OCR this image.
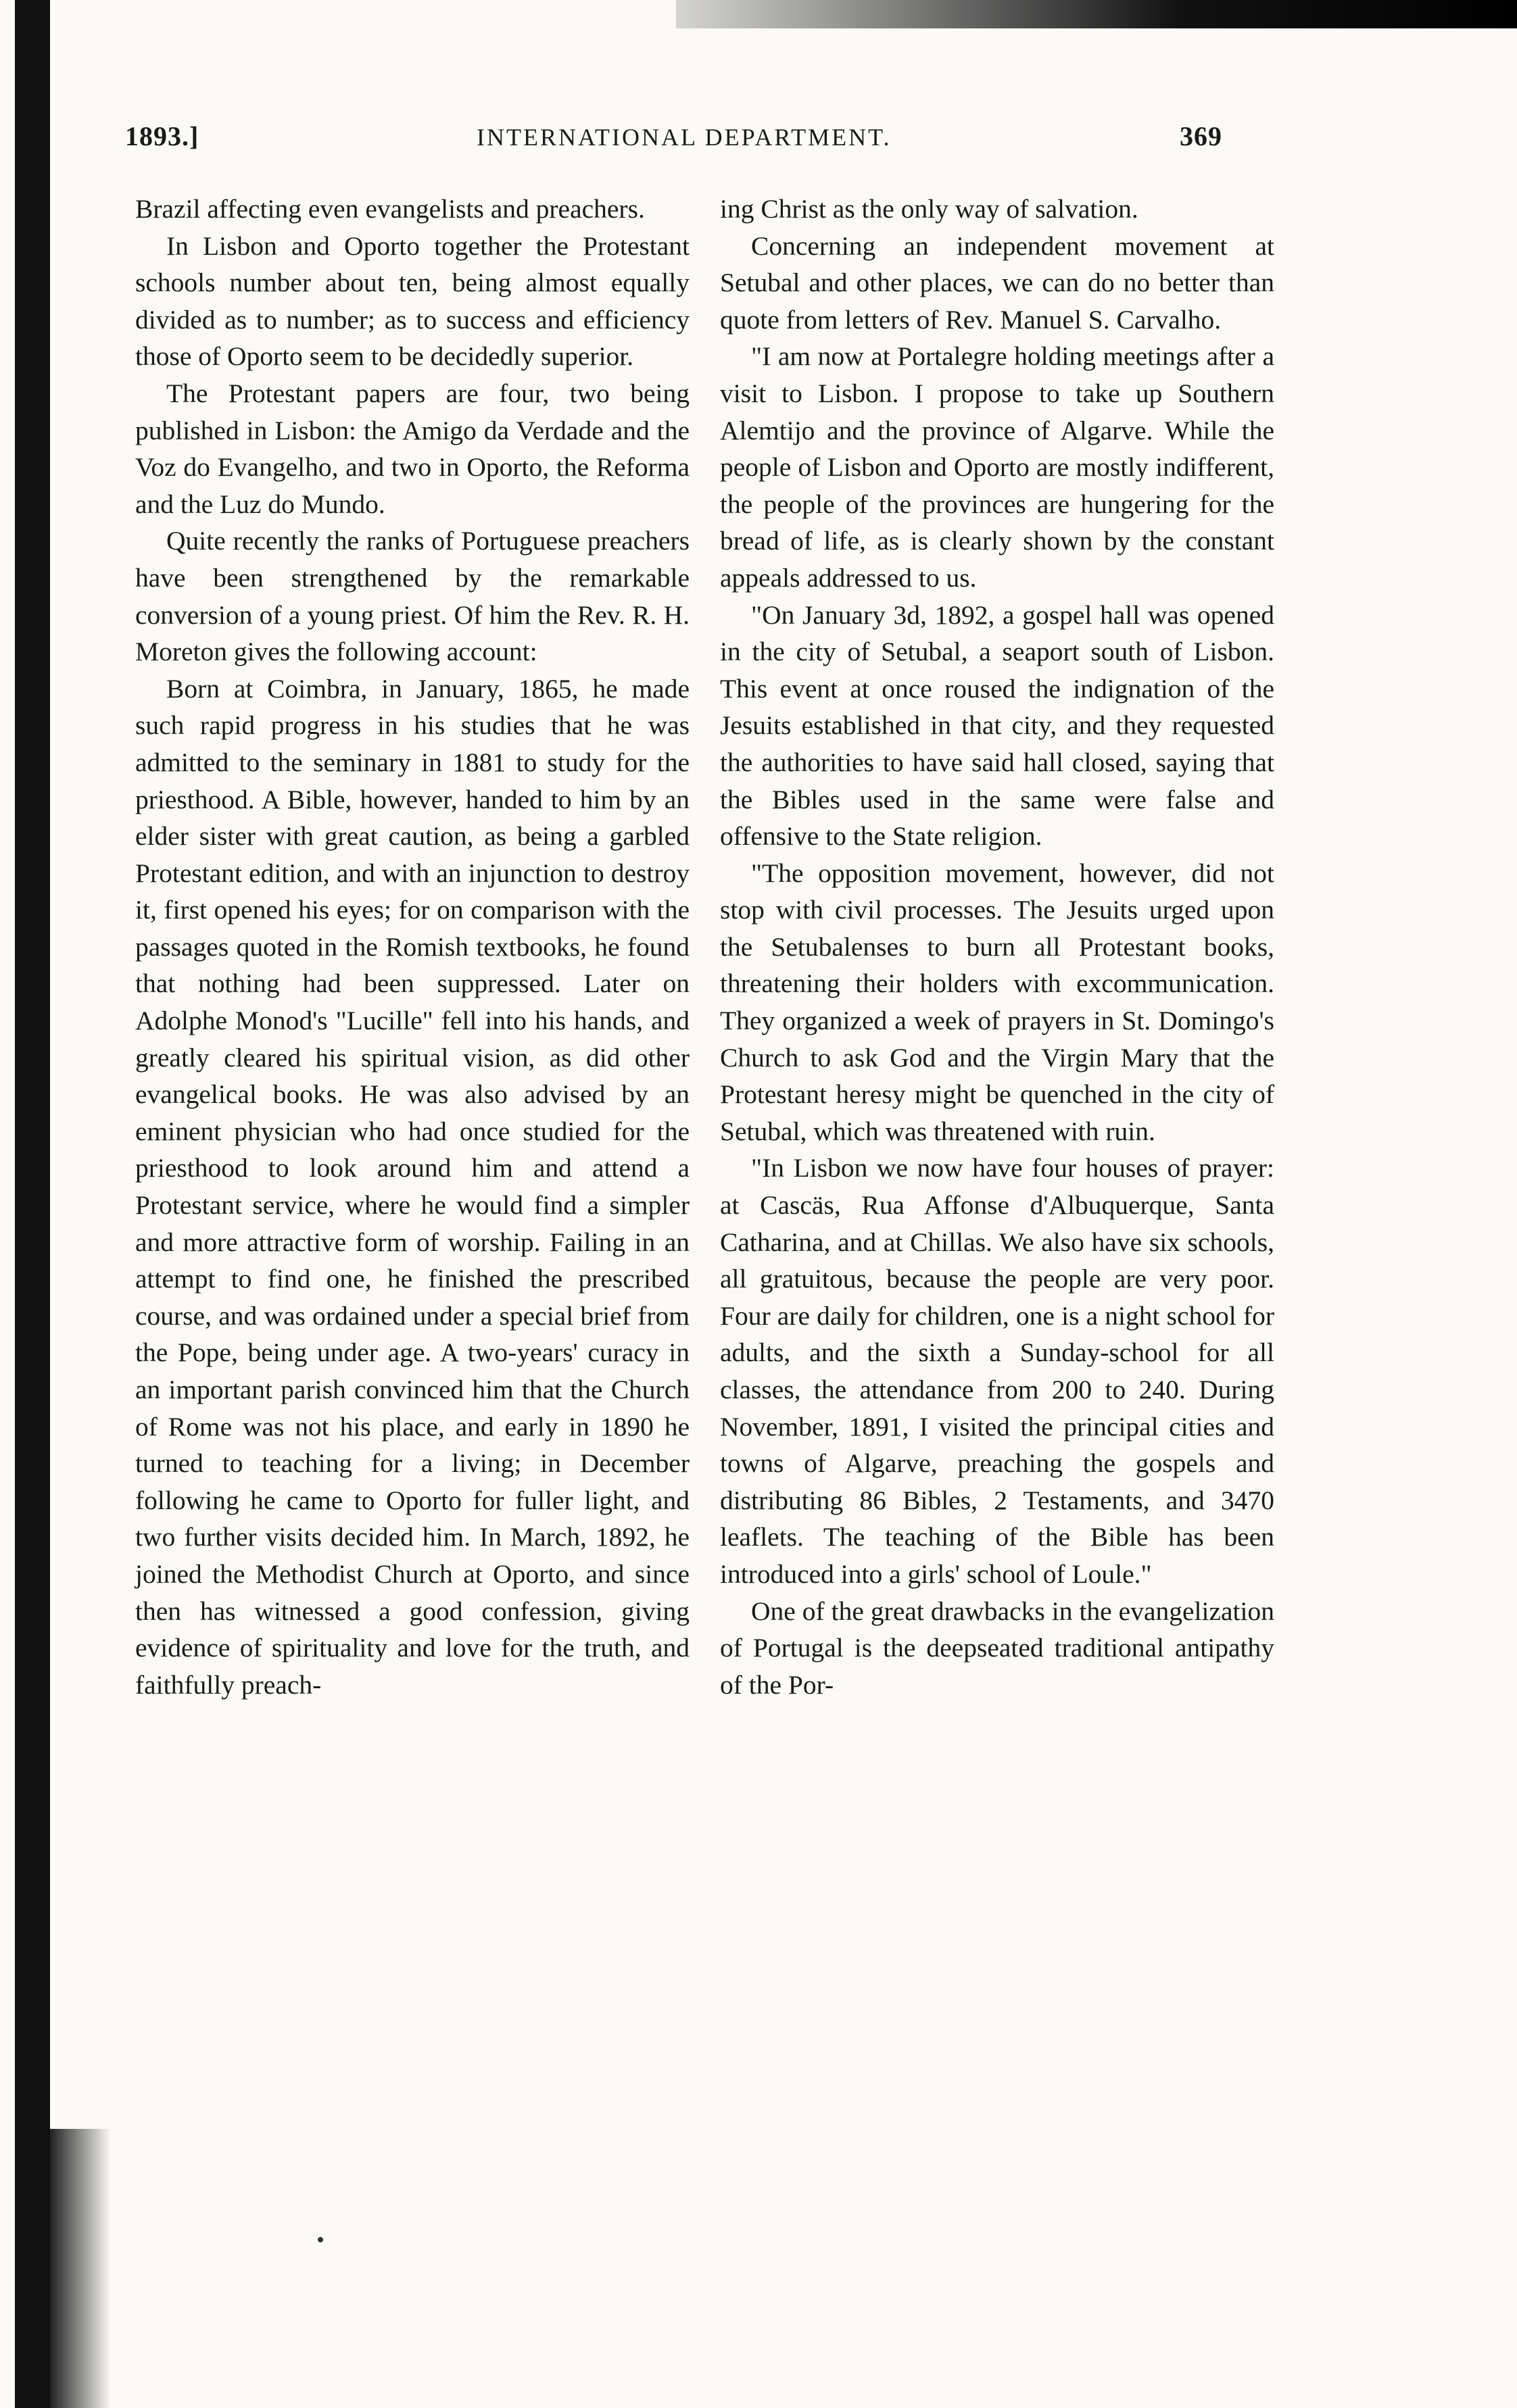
1893.]	INTERNATIONAL DEPARTMENT.	369

Brazil affecting even evangelists and preachers.

In Lisbon and Oporto together the Protestant schools number about ten, being almost equally divided as to number; as to success and efficiency those of Oporto seem to be decidedly superior.

The Protestant papers are four, two being published in Lisbon: the Amigo da Verdade and the Voz do Evangelho, and two in Oporto, the Reforma and the Luz do Mundo.

Quite recently the ranks of Portuguese preachers have been strengthened by the remarkable conversion of a young priest. Of him the Rev. R. H. Moreton gives the following account:

Born at Coimbra, in January, 1865, he made such rapid progress in his studies that he was admitted to the seminary in 1881 to study for the priesthood. A Bible, however, handed to him by an elder sister with great caution, as being a garbled Protestant edition, and with an injunction to destroy it, first opened his eyes; for on comparison with the passages quoted in the Romish textbooks, he found that nothing had been suppressed. Later on Adolphe Monod's "Lucille" fell into his hands, and greatly cleared his spiritual vision, as did other evangelical books. He was also advised by an eminent physician who had once studied for the priesthood to look around him and attend a Protestant service, where he would find a simpler and more attractive form of worship. Failing in an attempt to find one, he finished the prescribed course, and was ordained under a special brief from the Pope, being under age. A two-years' curacy in an important parish convinced him that the Church of Rome was not his place, and early in 1890 he turned to teaching for a living; in December following he came to Oporto for fuller light, and two further visits decided him. In March, 1892, he joined the Methodist Church at Oporto, and since then has witnessed a good confession, giving evidence of spirituality and love for the truth, and faithfully preach-

ing Christ as the only way of salvation.

Concerning an independent movement at Setubal and other places, we can do no better than quote from letters of Rev. Manuel S. Carvalho.

"I am now at Portalegre holding meetings after a visit to Lisbon. I propose to take up Southern Alemtijo and the province of Algarve. While the people of Lisbon and Oporto are mostly indifferent, the people of the provinces are hungering for the bread of life, as is clearly shown by the constant appeals addressed to us.

"On January 3d, 1892, a gospel hall was opened in the city of Setubal, a seaport south of Lisbon. This event at once roused the indignation of the Jesuits established in that city, and they requested the authorities to have said hall closed, saying that the Bibles used in the same were false and offensive to the State religion.

"The opposition movement, however, did not stop with civil processes. The Jesuits urged upon the Setubalenses to burn all Protestant books, threatening their holders with excommunication. They organized a week of prayers in St. Domingo's Church to ask God and the Virgin Mary that the Protestant heresy might be quenched in the city of Setubal, which was threatened with ruin.

"In Lisbon we now have four houses of prayer: at Cascäs, Rua Affonse d'Albuquerque, Santa Catharina, and at Chillas. We also have six schools, all gratuitous, because the people are very poor. Four are daily for children, one is a night school for adults, and the sixth a Sunday-school for all classes, the attendance from 200 to 240. During November, 1891, I visited the principal cities and towns of Algarve, preaching the gospels and distributing 86 Bibles, 2 Testaments, and 3470 leaflets. The teaching of the Bible has been introduced into a girls' school of Loule."

One of the great drawbacks in the evangelization of Portugal is the deepseated traditional antipathy of the Por-
